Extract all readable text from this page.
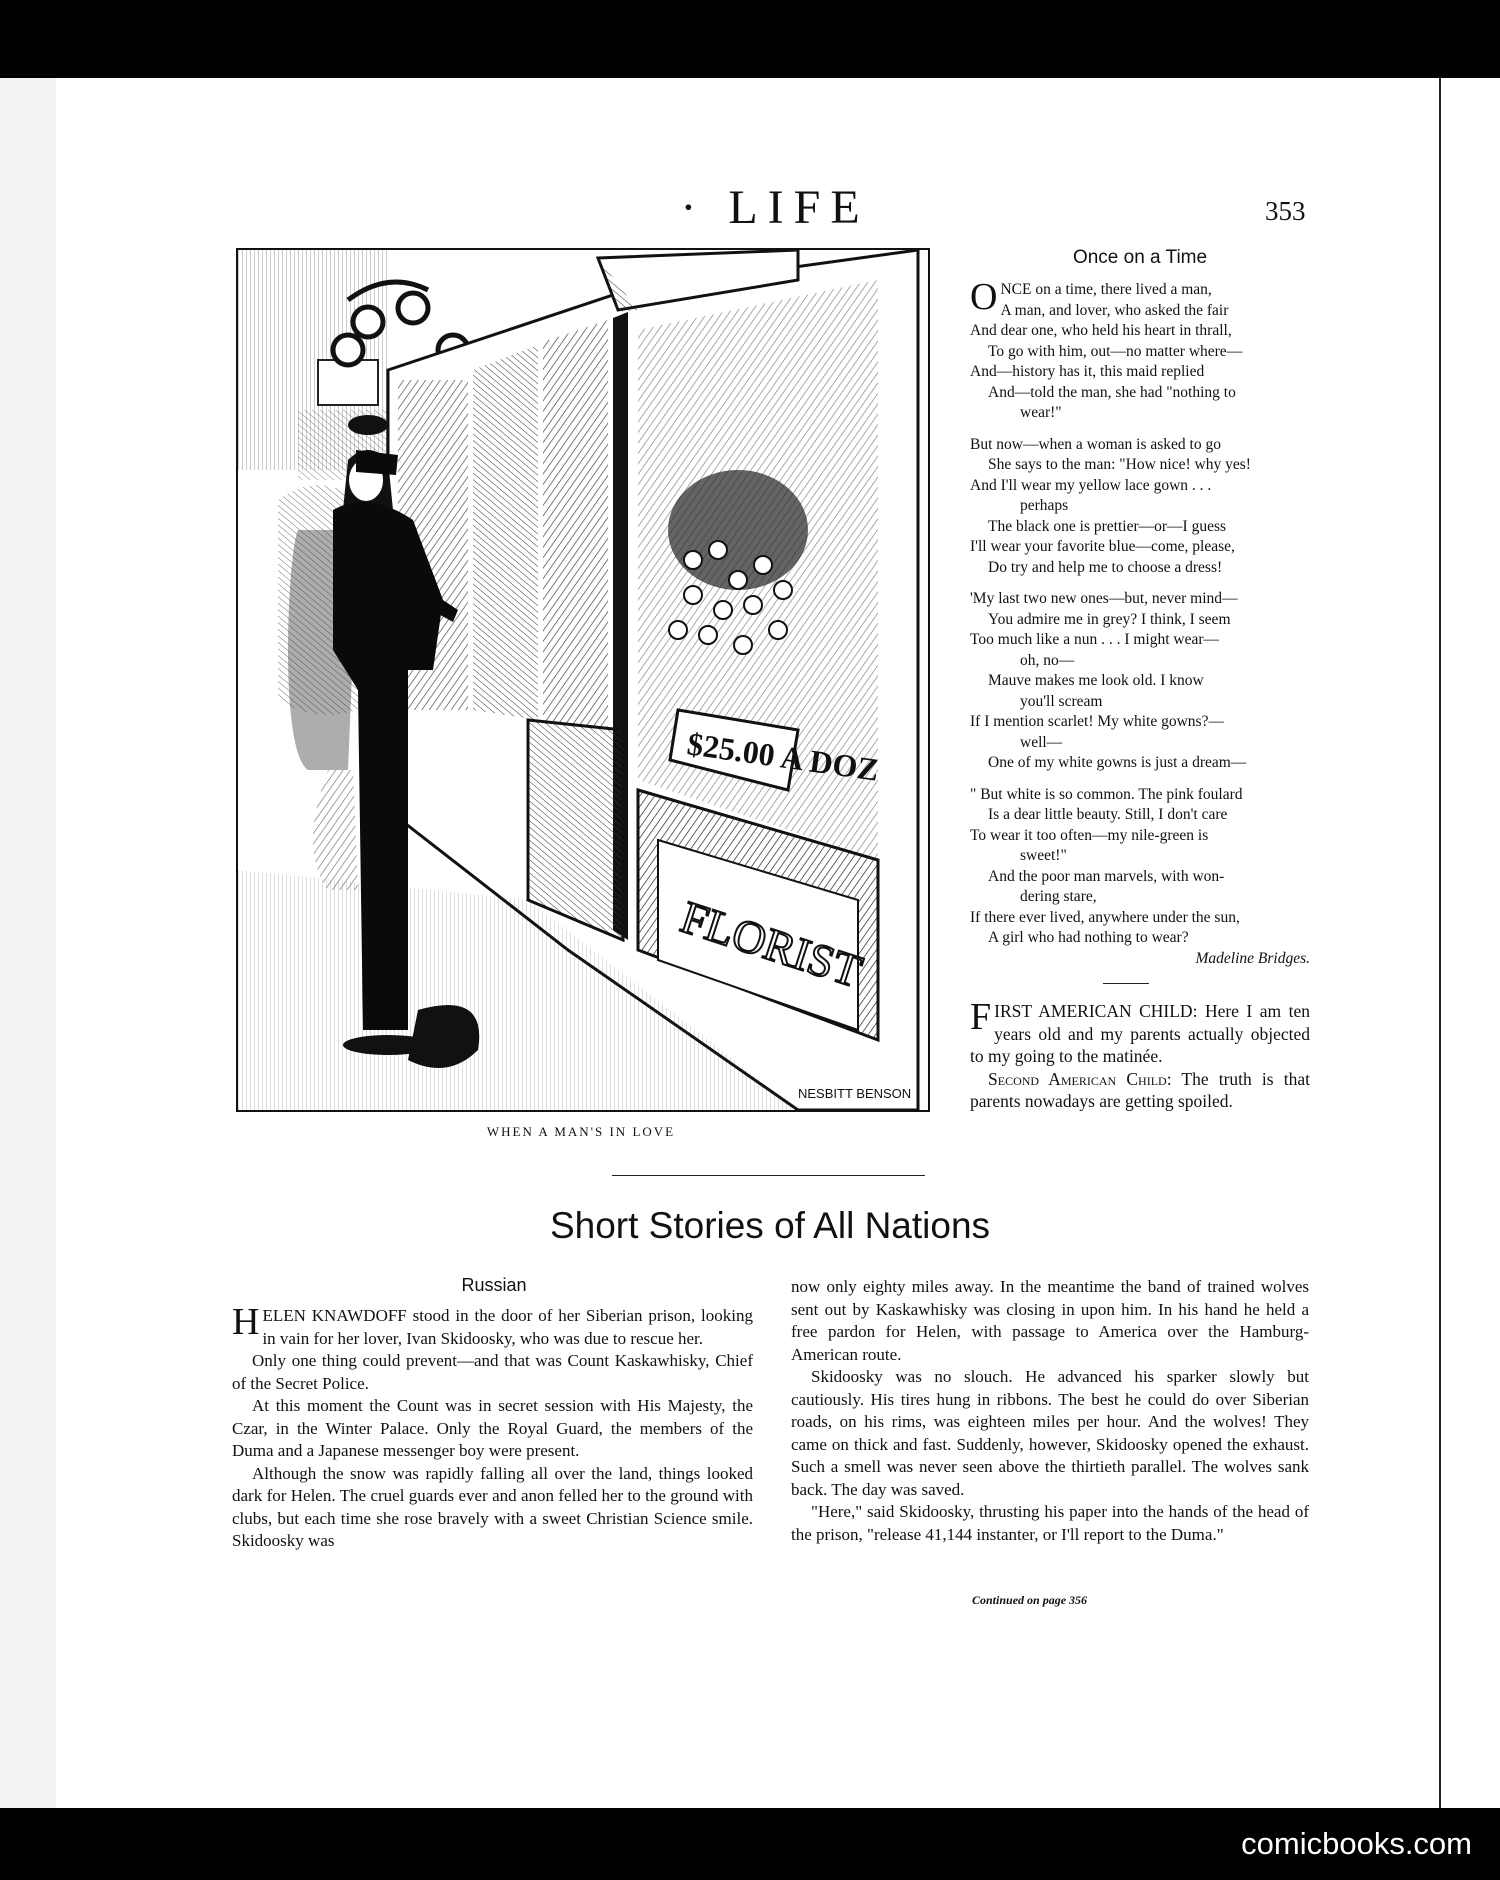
· LIFE	353
$25.00 A DOZ
FLORIST
NESBITT BENSON
WHEN A MAN'S IN LOVE
Once on a Time
O NCE on a time, there lived a man,
A man, and lover, who asked the fair
And dear one, who held his heart in thrall,
To go with him, out—no matter where—
And—history has it, this maid replied
And—told the man, she had "nothing to
wear!"
But now—when a woman is asked to go
She says to the man: "How nice! why yes!
And I'll wear my yellow lace gown . . .
perhaps
The black one is prettier—or—I guess
I'll wear your favorite blue—come, please,
Do try and help me to choose a dress!
'My last two new ones—but, never mind—
You admire me in grey? I think, I seem
Too much like a nun . . . I might wear—
oh, no—
Mauve makes me look old. I know
you'll scream
If I mention scarlet! My white gowns?—
well—
One of my white gowns is just a dream—
" But white is so common. The pink foulard
Is a dear little beauty. Still, I don't care
To wear it too often—my nile-green is
sweet!"
And the poor man marvels, with won-
dering stare,
If there ever lived, anywhere under the sun,
A girl who had nothing to wear?
Madeline Bridges.

FIRST AMERICAN CHILD: Here I am ten years old and my parents actually objected to my going to the matinée.

Second American Child: The truth is that parents nowadays are getting spoiled.

Short Stories of All Nations
Russian

HELEN KNAWDOFF stood in the door of her Siberian prison, looking in vain for her lover, Ivan Skidoosky, who was due to rescue her.

Only one thing could prevent—and that was Count Kaskawhisky, Chief of the Secret Police.

At this moment the Count was in secret session with His Majesty, the Czar, in the Winter Palace. Only the Royal Guard, the members of the Duma and a Japanese messenger boy were present.

Although the snow was rapidly falling all over the land, things looked dark for Helen. The cruel guards ever and anon felled her to the ground with clubs, but each time she rose bravely with a sweet Christian Science smile. Skidoosky was

now only eighty miles away. In the meantime the band of trained wolves sent out by Kaskawhisky was closing in upon him. In his hand he held a free pardon for Helen, with passage to America over the Hamburg-American route.

Skidoosky was no slouch. He advanced his sparker slowly but cautiously. His tires hung in ribbons. The best he could do over Siberian roads, on his rims, was eighteen miles per hour. And the wolves! They came on thick and fast. Suddenly, however, Skidoosky opened the exhaust. Such a smell was never seen above the thirtieth parallel. The wolves sank back. The day was saved.

"Here," said Skidoosky, thrusting his paper into the hands of the head of the prison, "release 41,144 instanter, or I'll report to the Duma."

Continued on page 356
comicbooks.com
